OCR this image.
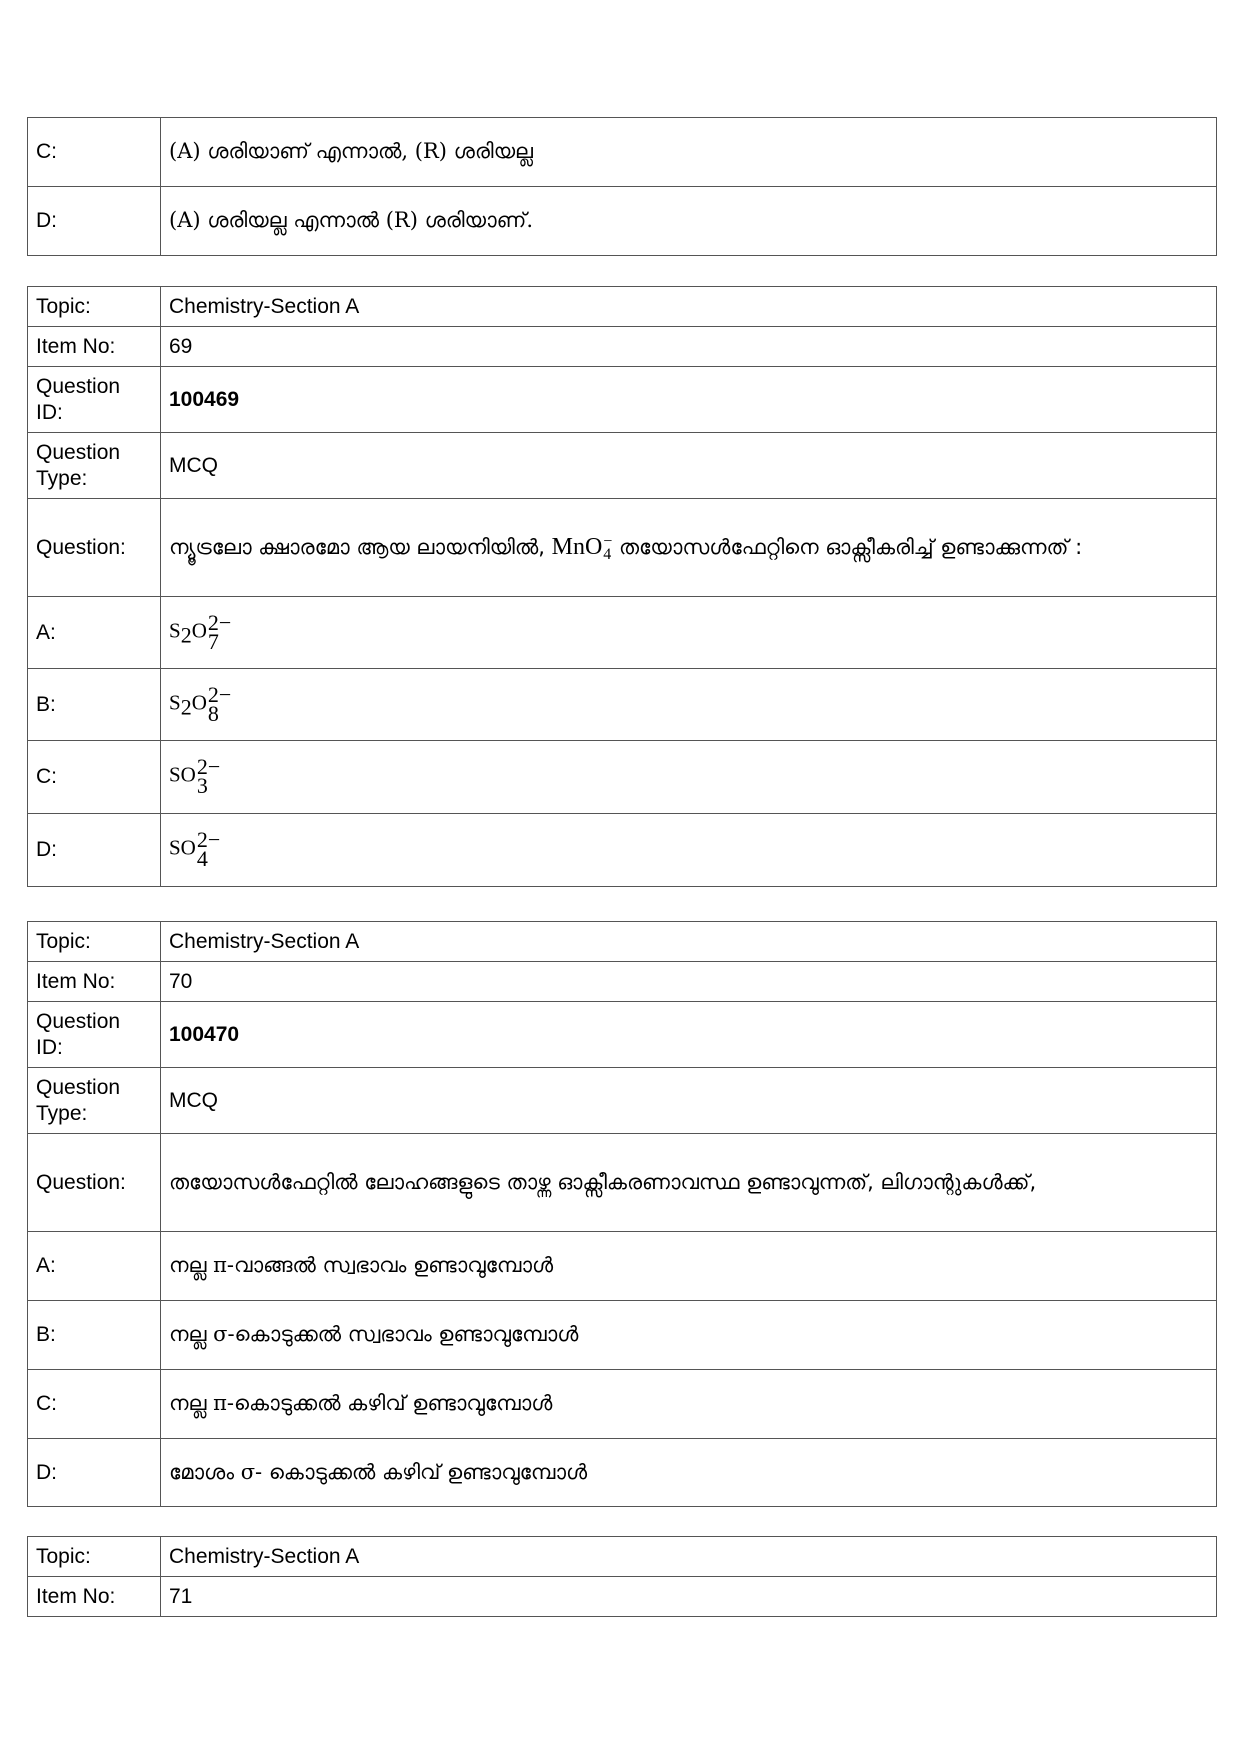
C:	(A) ശരിയാണ് എന്നാൽ, (R) ശരിയല്ല
D:	(A) ശരിയല്ല എന്നാൽ (R) ശരിയാണ്.
Topic:	Chemistry-Section A
Item No:	69
Question ID:	100469
Question Type:	MCQ
Question:	ന്യൂട്രലോ ക്ഷാരമോ ആയ ലായനിയിൽ, MnO −
4 തയോസൾഫേറ്റിനെ ഓക്സീകരിച്ച് ഉണ്ടാക്കുന്നത് :
A:	$S_2O$ 2−
7

B:	$S_2O$ 2−
8

C:	SO 2−
3

D:	SO 2−
4
Topic:	Chemistry-Section A
Item No:	70
Question ID:	100470
Question Type:	MCQ
Question:	തയോസൾഫേറ്റിൽ ലോഹങ്ങളുടെ താഴ്ന്ന ഓക്സീകരണാവസ്ഥ ഉണ്ടാവുന്നത്, ലിഗാന്റുകൾക്ക്,
A:	നല്ല π-വാങ്ങൽ സ്വഭാവം ഉണ്ടാവുമ്പോൾ
B:	നല്ല σ-കൊടുക്കൽ സ്വഭാവം ഉണ്ടാവുമ്പോൾ
C:	നല്ല π-കൊടുക്കൽ കഴിവ് ഉണ്ടാവുമ്പോൾ
D:	മോശം σ- കൊടുക്കൽ കഴിവ് ഉണ്ടാവുമ്പോൾ
Topic:	Chemistry-Section A
Item No:	71
